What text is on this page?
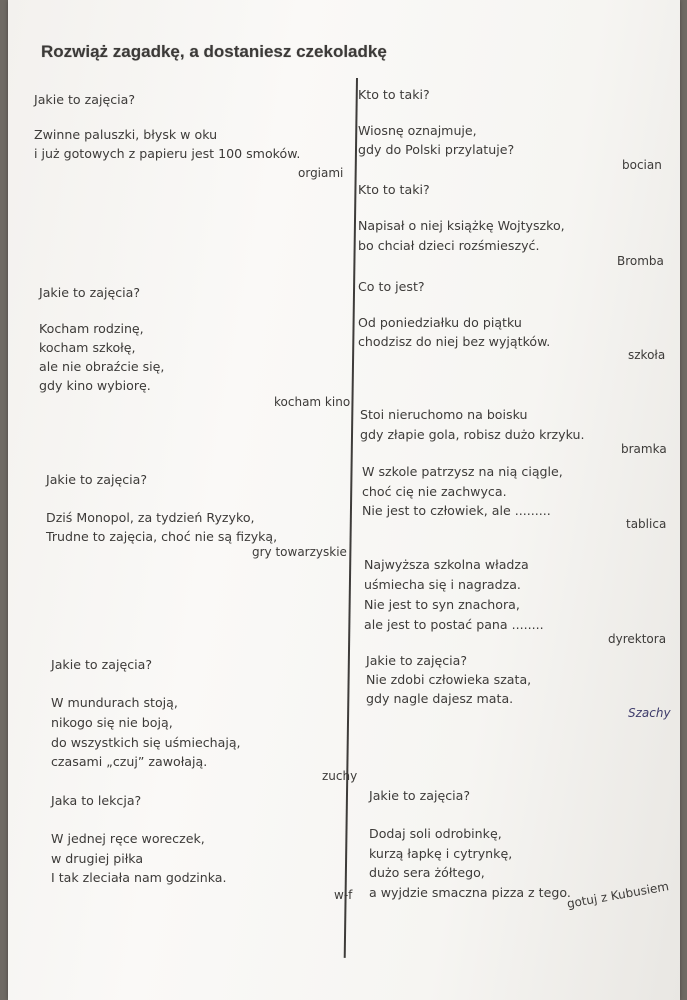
Rozwiąż zagadkę, a dostaniesz czekoladkę
Jakie to zajęcia?
Zwinne paluszki, błysk w oku
i już gotowych z papieru jest 100 smoków.
orgiami
Jakie to zajęcia?
Kocham rodzinę,
kocham szkołę,
ale nie obraźcie się,
gdy kino wybiorę.
kocham kino
Jakie to zajęcia?
Dziś Monopol, za tydzień Ryzyko,
Trudne to zajęcia, choć nie są fizyką,
gry towarzyskie
Jakie to zajęcia?
W mundurach stoją,
nikogo się nie boją,
do wszystkich się uśmiechają,
czasami „czuj” zawołają.
zuchy
Jaka to lekcja?
W jednej ręce woreczek,
w drugiej piłka
I tak zleciała nam godzinka.
w-f
Kto to taki?
Wiosnę oznajmuje,
gdy do Polski przylatuje?
bocian
Kto to taki?
Napisał o niej książkę Wojtyszko,
bo chciał dzieci rozśmieszyć.
Bromba
Co to jest?
Od poniedziałku do piątku
chodzisz do niej bez wyjątków.
szkoła
Stoi nieruchomo na boisku
gdy złapie gola, robisz dużo krzyku.
bramka
W szkole patrzysz na nią ciągle,
choć cię nie zachwyca.
Nie jest to człowiek, ale .........
tablica
Najwyższa szkolna władza
uśmiecha się i nagradza.
Nie jest to syn znachora,
ale jest to postać pana ........
dyrektora
Jakie to zajęcia?
Nie zdobi człowieka szata,
gdy nagle dajesz mata.
Szachy
Jakie to zajęcia?
Dodaj soli odrobinkę,
kurzą łapkę i cytrynkę,
dużo sera żółtego,
a wyjdzie smaczna pizza z tego.
gotuj z Kubusiem
